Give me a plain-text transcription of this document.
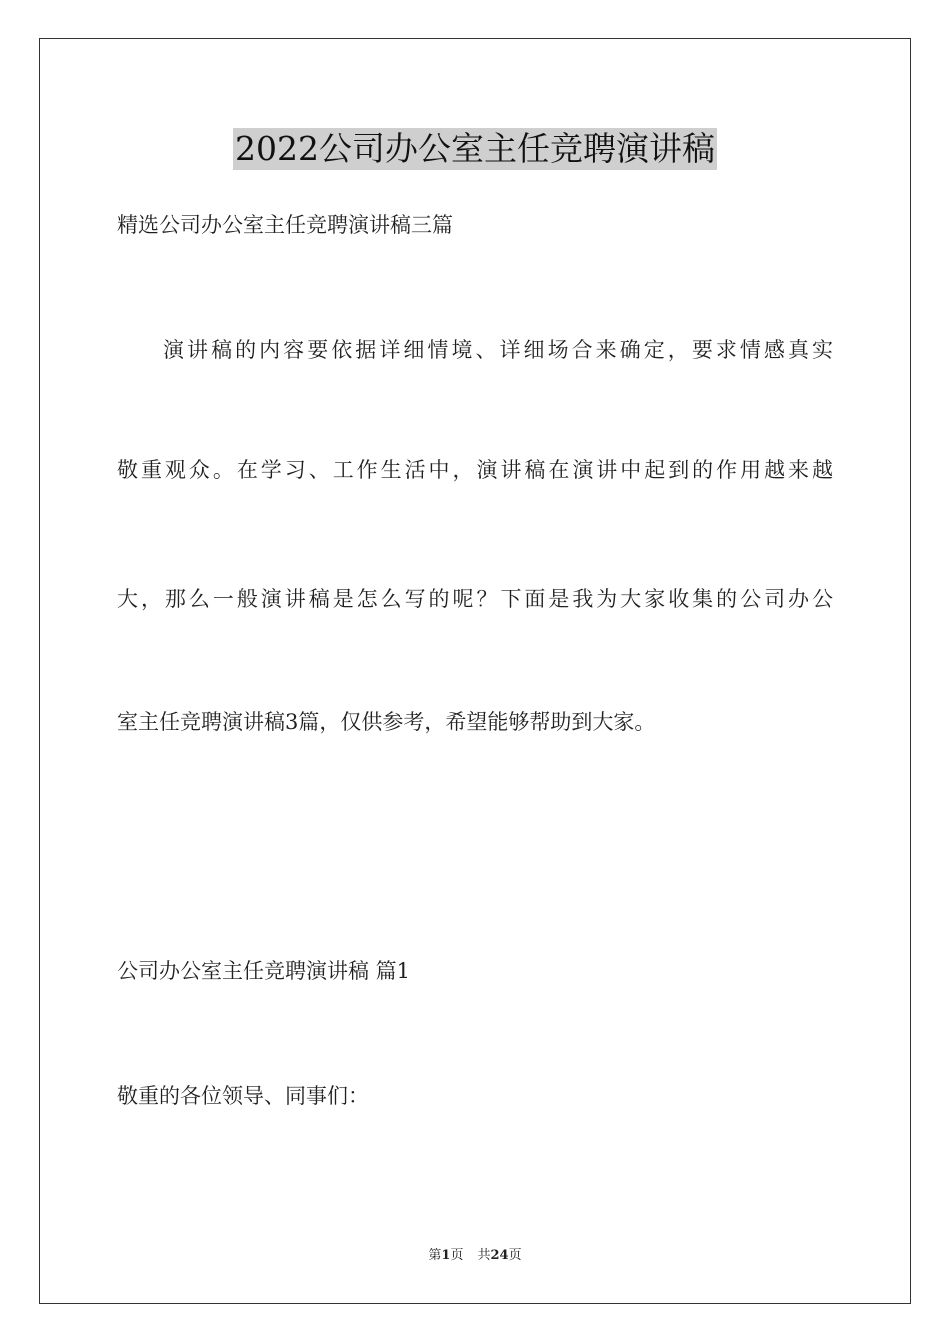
2022公司办公室主任竞聘演讲稿
精选公司办公室主任竞聘演讲稿三篇
演讲稿的内容要依据详细情境、详细场合来确定，要求情感真实
敬重观众。在学习、工作生活中，演讲稿在演讲中起到的作用越来越
大，那么一般演讲稿是怎么写的呢？下面是我为大家收集的公司办公
室主任竞聘演讲稿3篇，仅供参考，希望能够帮助到大家。
公司办公室主任竞聘演讲稿 篇1
敬重的各位领导、同事们：
第1页 共24页
